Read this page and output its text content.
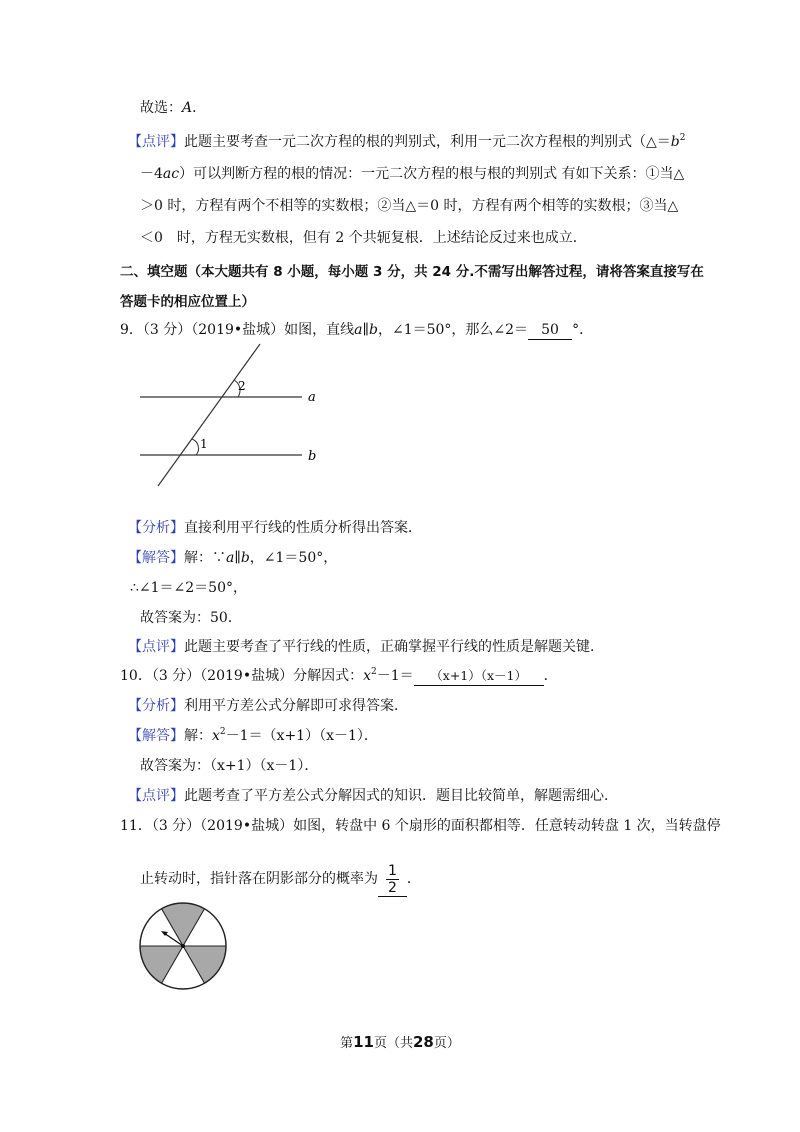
故选：A．
【点评】此题主要考查一元二次方程的根的判别式，利用一元二次方程根的判别式（$\triangle=b^2$
－4ac）可以判断方程的根的情况：一元二次方程的根与根的判别式 有如下关系：①当△
＞0 时，方程有两个不相等的实数根；②当△＝0 时，方程有两个相等的实数根；③当△
＜0　时，方程无实数根，但有 2 个共轭复根．上述结论反过来也成立．
二、填空题（本大题共有 8 小题，每小题 3 分，共 24 分.不需写出解答过程，请将答案直接写在
答题卡的相应位置上）
9．（3 分）（2019•盐城）如图，直线a∥b，∠1＝50°，那么∠2＝ 50 °．
2
1
a
b
【分析】直接利用平行线的性质分析得出答案．
【解答】解：∵a∥b，∠1＝50°，
∴∠1＝∠2＝50°，
故答案为：50．
【点评】此题主要考查了平行线的性质，正确掌握平行线的性质是解题关键．
10．（3 分）（2019•盐城）分解因式：$x^2-1= (x+1)(x-1)$ ．
【分析】利用平方差公式分解即可求得答案．
【解答】解：$x^2-1=(x+1)(x-1)$．
故答案为：（x+1）（x－1）．
【点评】此题考查了平方差公式分解因式的知识．题目比较简单，解题需细心．
11．（3 分）（2019•盐城）如图，转盘中 6 个扇形的面积都相等．任意转动转盘 1 次，当转盘停
止转动时，指针落在阴影部分的概率为 $\frac{1}{2}$ ．
第11页（共28页）
